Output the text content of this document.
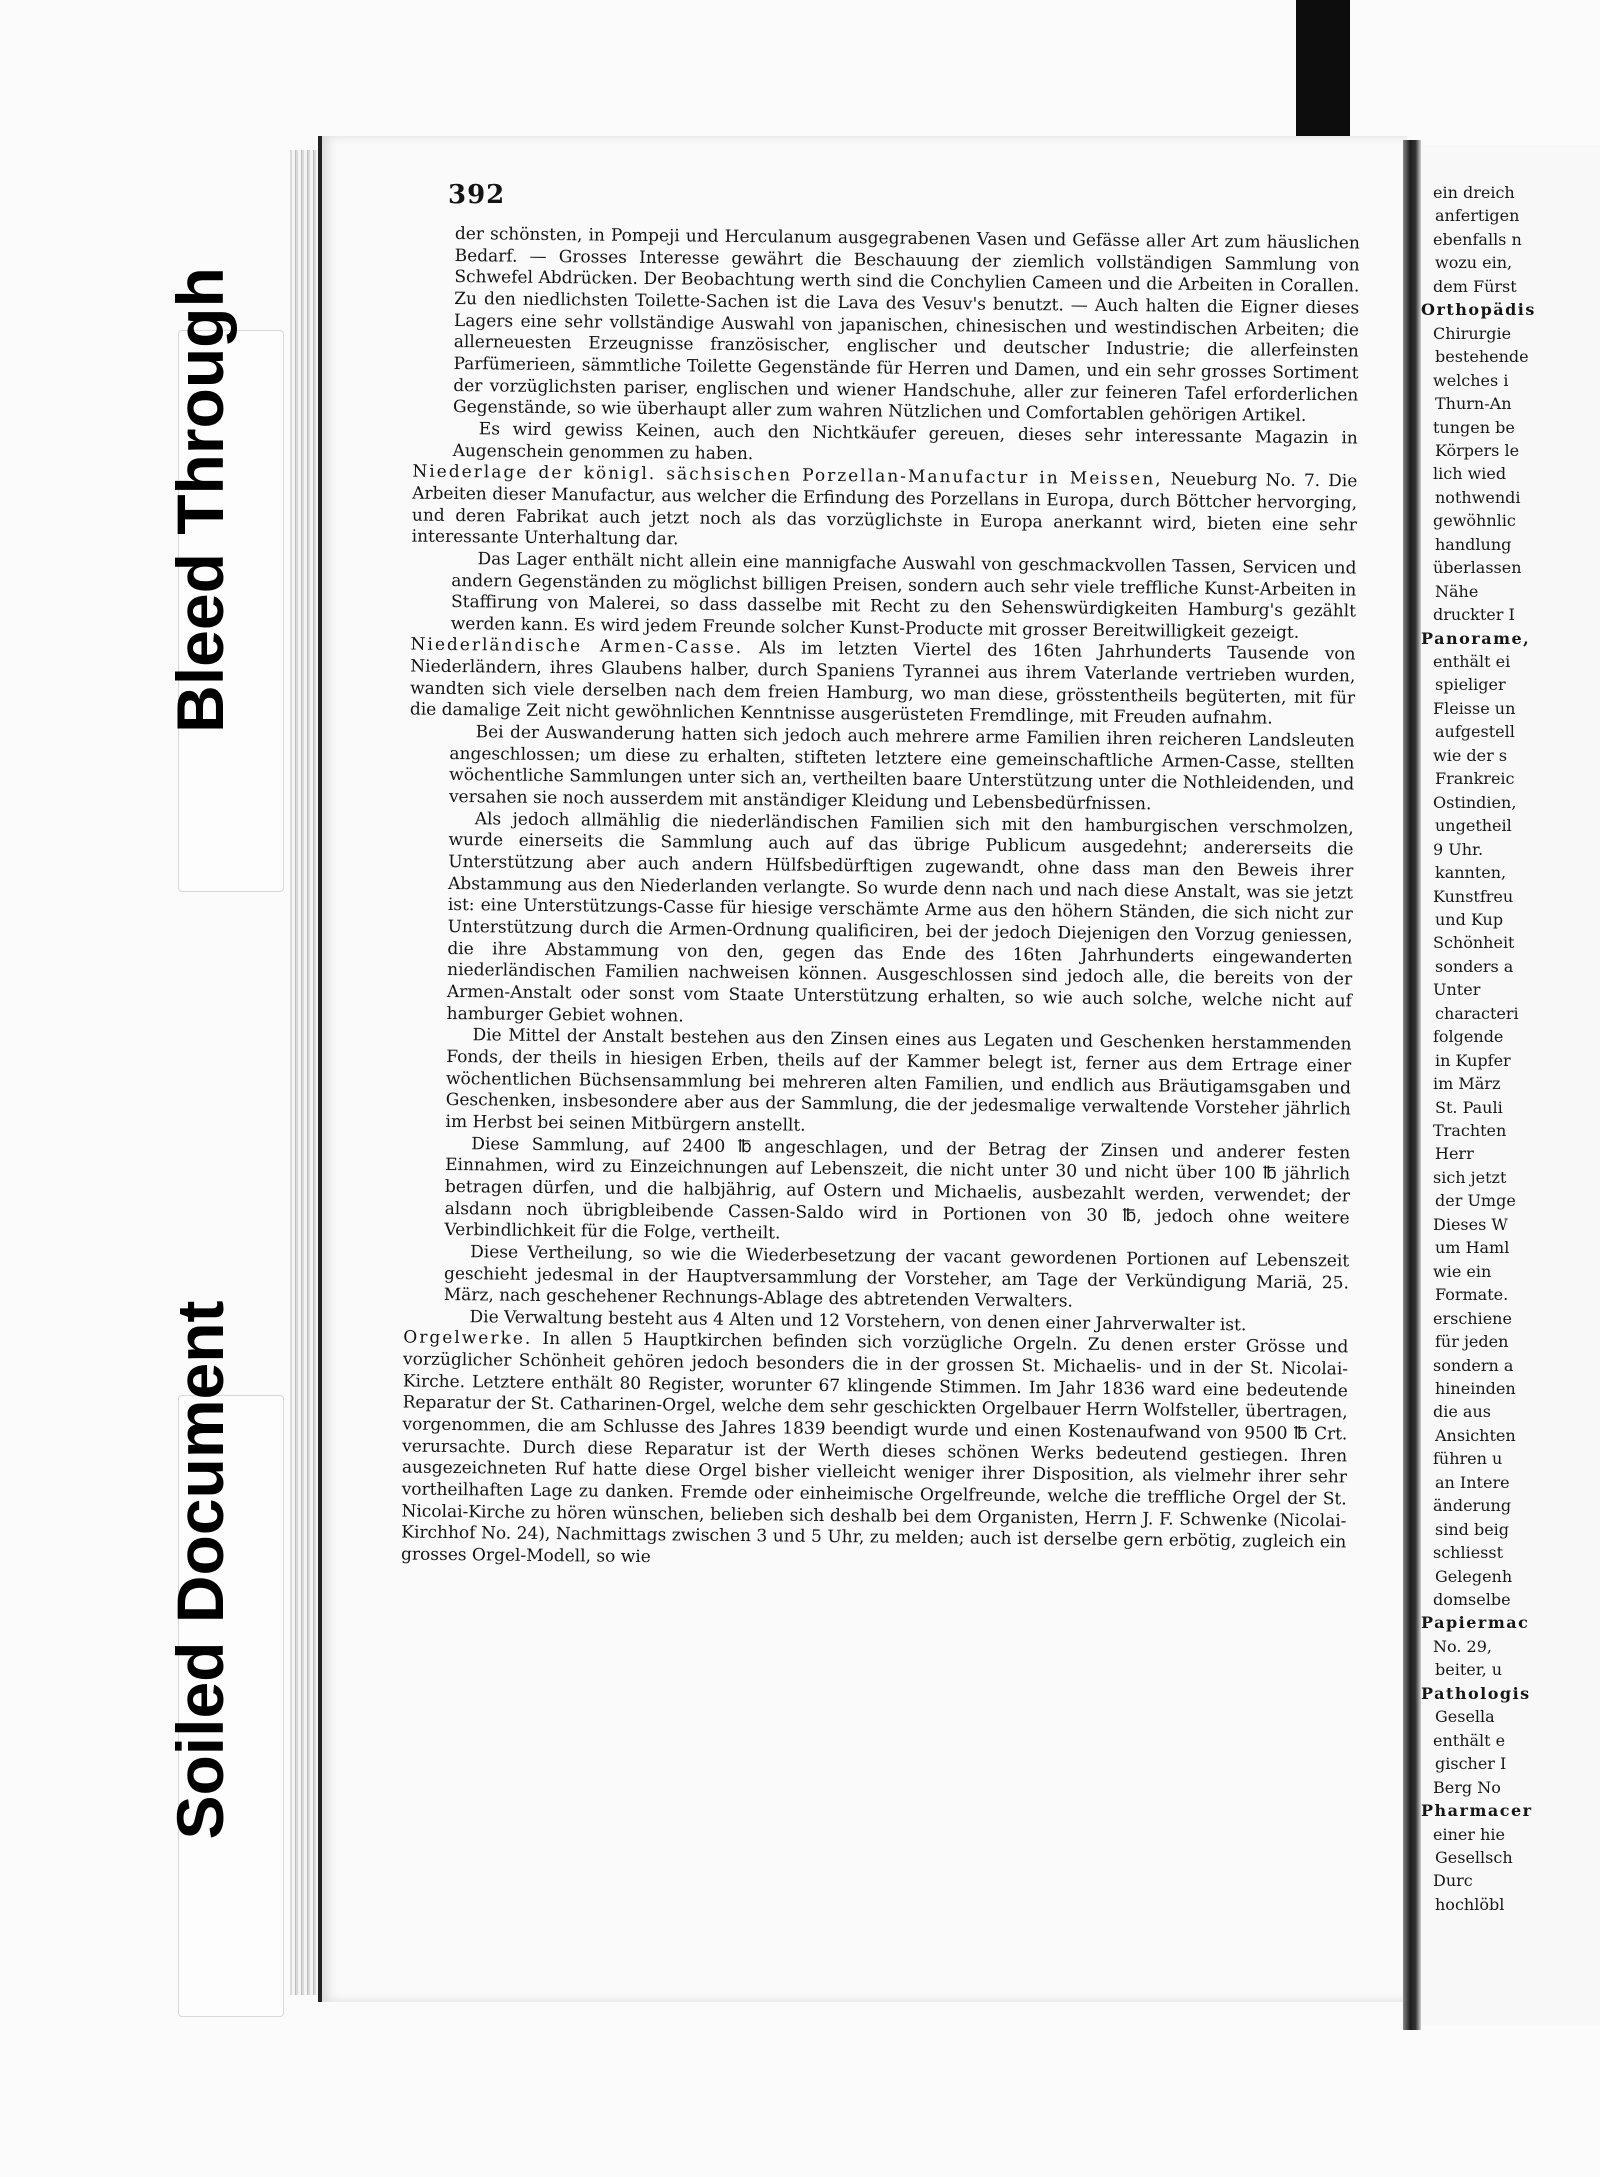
Bleed Through
Soiled Document
392

der schönsten, in Pompeji und Herculanum ausgegrabenen Vasen und Gefässe aller Art zum häuslichen Bedarf. — Grosses Interesse gewährt die Beschauung der ziemlich vollständigen Sammlung von Schwefel Abdrücken. Der Beobachtung werth sind die Conchylien Cameen und die Arbeiten in Corallen. Zu den niedlichsten Toilette-Sachen ist die Lava des Vesuv's benutzt. — Auch halten die Eigner dieses Lagers eine sehr vollständige Auswahl von japanischen, chinesischen und westindischen Arbeiten; die allerneuesten Erzeugnisse französischer, englischer und deutscher Industrie; die allerfeinsten Parfümerieen, sämmtliche Toilette Gegenstände für Herren und Damen, und ein sehr grosses Sortiment der vorzüglichsten pariser, englischen und wiener Handschuhe, aller zur feineren Tafel erforderlichen Gegenstände, so wie überhaupt aller zum wahren Nützlichen und Comfortablen gehörigen Artikel.

Es wird gewiss Keinen, auch den Nichtkäufer gereuen, dieses sehr interessante Magazin in Augenschein genommen zu haben.

Niederlage der königl. sächsischen Porzellan-Manufactur in Meissen, Neueburg No. 7. Die Arbeiten dieser Manufactur, aus welcher die Erfindung des Porzellans in Europa, durch Böttcher hervorging, und deren Fabrikat auch jetzt noch als das vorzüglichste in Europa anerkannt wird, bieten eine sehr interessante Unterhaltung dar.

Das Lager enthält nicht allein eine mannigfache Auswahl von geschmackvollen Tassen, Servicen und andern Gegenständen zu möglichst billigen Preisen, sondern auch sehr viele treffliche Kunst-Arbeiten in Staffirung von Malerei, so dass dasselbe mit Recht zu den Sehenswürdigkeiten Hamburg's gezählt werden kann. Es wird jedem Freunde solcher Kunst-Producte mit grosser Bereitwilligkeit gezeigt.

Niederländische Armen-Casse. Als im letzten Viertel des 16ten Jahrhunderts Tausende von Niederländern, ihres Glaubens halber, durch Spaniens Tyrannei aus ihrem Vaterlande vertrieben wurden, wandten sich viele derselben nach dem freien Hamburg, wo man diese, grösstentheils begüterten, mit für die damalige Zeit nicht gewöhnlichen Kenntnisse ausgerüsteten Fremdlinge, mit Freuden aufnahm.

Bei der Auswanderung hatten sich jedoch auch mehrere arme Familien ihren reicheren Landsleuten angeschlossen; um diese zu erhalten, stifteten letztere eine gemeinschaftliche Armen-Casse, stellten wöchentliche Sammlungen unter sich an, vertheilten baare Unterstützung unter die Nothleidenden, und versahen sie noch ausserdem mit anständiger Kleidung und Lebensbedürfnissen.

Als jedoch allmählig die niederländischen Familien sich mit den hamburgischen verschmolzen, wurde einerseits die Sammlung auch auf das übrige Publicum ausgedehnt; andererseits die Unterstützung aber auch andern Hülfsbedürftigen zugewandt, ohne dass man den Beweis ihrer Abstammung aus den Niederlanden verlangte. So wurde denn nach und nach diese Anstalt, was sie jetzt ist: eine Unterstützungs-Casse für hiesige verschämte Arme aus den höhern Ständen, die sich nicht zur Unterstützung durch die Armen-Ordnung qualificiren, bei der jedoch Diejenigen den Vorzug geniessen, die ihre Abstammung von den, gegen das Ende des 16ten Jahrhunderts eingewanderten niederländischen Familien nachweisen können. Ausgeschlossen sind jedoch alle, die bereits von der Armen-Anstalt oder sonst vom Staate Unterstützung erhalten, so wie auch solche, welche nicht auf hamburger Gebiet wohnen.

Die Mittel der Anstalt bestehen aus den Zinsen eines aus Legaten und Geschenken herstammenden Fonds, der theils in hiesigen Erben, theils auf der Kammer belegt ist, ferner aus dem Ertrage einer wöchentlichen Büchsensammlung bei mehreren alten Familien, und endlich aus Bräutigamsgaben und Geschenken, insbesondere aber aus der Sammlung, die der jedesmalige verwaltende Vorsteher jährlich im Herbst bei seinen Mitbürgern anstellt.

Diese Sammlung, auf 2400 ℔ angeschlagen, und der Betrag der Zinsen und anderer festen Einnahmen, wird zu Einzeichnungen auf Lebenszeit, die nicht unter 30 und nicht über 100 ℔ jährlich betragen dürfen, und die halbjährig, auf Ostern und Michaelis, ausbezahlt werden, verwendet; der alsdann noch übrigbleibende Cassen-Saldo wird in Portionen von 30 ℔, jedoch ohne weitere Verbindlichkeit für die Folge, vertheilt.

Diese Vertheilung, so wie die Wiederbesetzung der vacant gewordenen Portionen auf Lebenszeit geschieht jedesmal in der Hauptversammlung der Vorsteher, am Tage der Verkündigung Mariä, 25. März, nach geschehener Rechnungs-Ablage des abtretenden Verwalters.

Die Verwaltung besteht aus 4 Alten und 12 Vorstehern, von denen einer Jahrverwalter ist.

Orgelwerke. In allen 5 Hauptkirchen befinden sich vorzügliche Orgeln. Zu denen erster Grösse und vorzüglicher Schönheit gehören jedoch besonders die in der grossen St. Michaelis- und in der St. Nicolai-Kirche. Letztere enthält 80 Register, worunter 67 klingende Stimmen. Im Jahr 1836 ward eine bedeutende Reparatur der St. Catharinen-Orgel, welche dem sehr geschickten Orgelbauer Herrn Wolfsteller, übertragen, vorgenommen, die am Schlusse des Jahres 1839 beendigt wurde und einen Kostenaufwand von 9500 ℔ Crt. verursachte. Durch diese Reparatur ist der Werth dieses schönen Werks bedeutend gestiegen. Ihren ausgezeichneten Ruf hatte diese Orgel bisher vielleicht weniger ihrer Disposition, als vielmehr ihrer sehr vortheilhaften Lage zu danken. Fremde oder einheimische Orgelfreunde, welche die treffliche Orgel der St. Nicolai-Kirche zu hören wünschen, belieben sich deshalb bei dem Organisten, Herrn J. F. Schwenke (Nicolai-Kirchhof No. 24), Nachmittags zwischen 3 und 5 Uhr, zu melden; auch ist derselbe gern erbötig, zugleich ein grosses Orgel-Modell, so wie

ein dreich
anfertigen
ebenfalls n
wozu ein,
dem Fürst
Orthopädis
Chirurgie
bestehende
welches i
Thurn-An
tungen be
Körpers le
lich wied
nothwendi
gewöhnlic
handlung
überlassen
Nähe
druckter I
Panorame,
enthält ei
spieliger
Fleisse un
aufgestell
wie der s
Frankreic
Ostindien,
ungetheil
9 Uhr.
kannten,
Kunstfreu
und Kup
Schönheit
sonders a
Unter
characteri
folgende
in Kupfer
im März
St. Pauli
Trachten
Herr
sich jetzt
der Umge
Dieses W
um Haml
wie ein
Formate.
erschiene
für jeden
sondern a
hineinden
die aus
Ansichten
führen u
an Intere
änderung
sind beig
schliesst
Gelegenh
domselbe
Papiermac
No. 29,
beiter, u
Pathologis
Gesella
enthält e
gischer I
Berg No
Pharmacer
einer hie
Gesellsch
Durc
hochlöbl
